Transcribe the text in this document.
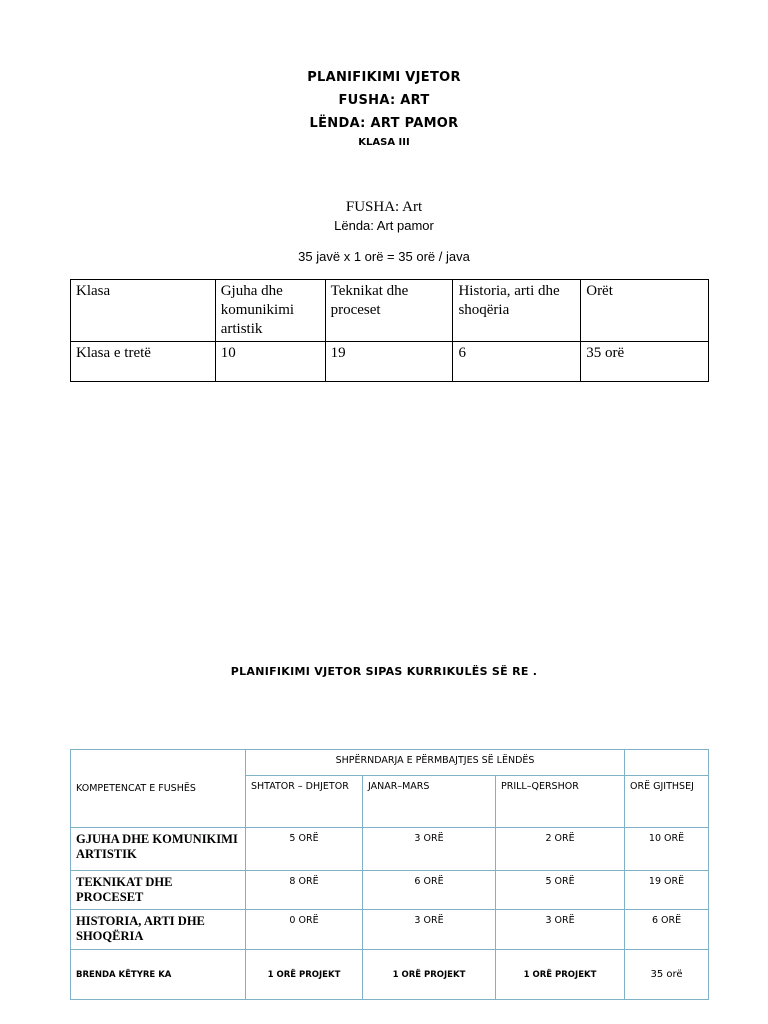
PLANIFIKIMI VJETOR
FUSHA: ART
LËNDA: ART PAMOR
KLASA III
FUSHA: Art
Lënda: Art pamor
35 javë x 1 orë = 35 orë / java
Klasa	Gjuha dhe komunikimi artistik	Teknikat dhe proceset	Historia, arti dhe shoqëria	Orët
Klasa e tretë	10	19	6	35 orë
PLANIFIKIMI VJETOR SIPAS KURRIKULËS SË RE .
KOMPETENCAT E FUSHËS	SHPËRNDARJA E PËRMBAJTJES SË LËNDËS			
	SHTATOR – DHJETOR	JANAR–MARS	PRILL–QERSHOR	ORË GJITHSEJ
GJUHA DHE KOMUNIKIMI ARTISTIK	5 ORË	3 ORË	2 ORË	10 ORË
TEKNIKAT DHE PROCESET	8 ORË	6 ORË	5 ORË	19 ORË
HISTORIA, ARTI DHE SHOQËRIA	0 ORË	3 ORË	3 ORË	6 ORË
BRENDA KËTYRE KA	1 ORË PROJEKT	1 ORË PROJEKT	1 ORË PROJEKT	35 orë
